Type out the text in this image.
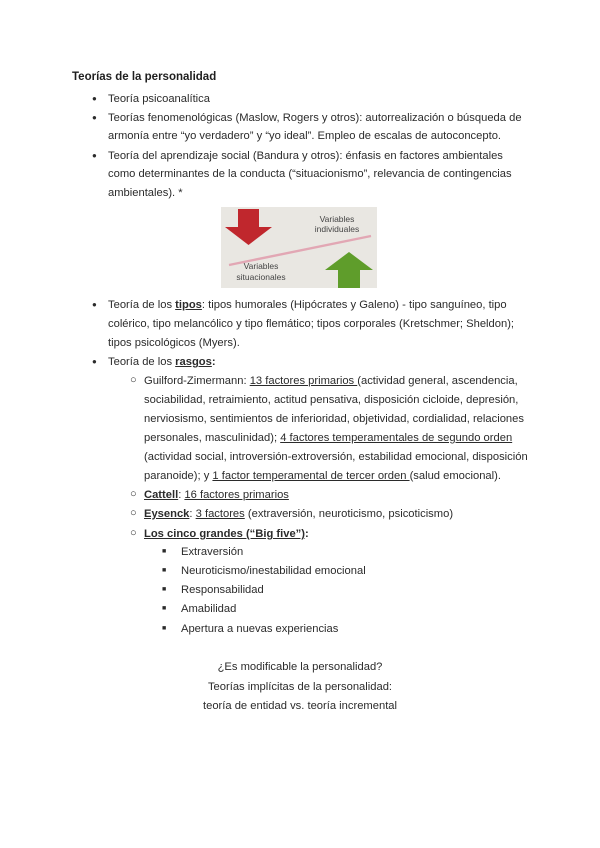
Teorías de la personalidad
● Teoría psicoanalítica
● Teorías fenomenológicas (Maslow, Rogers y otros): autorrealización o búsqueda de
armonía entre “yo verdadero” y “yo ideal”. Empleo de escalas de autoconcepto.
● Teoría del aprendizaje social (Bandura y otros): énfasis en factores ambientales
como determinantes de la conducta (“situacionismo”, relevancia de contingencias
ambientales). *
Variables
individuales
Variables
situacionales
● Teoría de los tipos: tipos humorales (Hipócrates y Galeno) - tipo sanguíneo, tipo
colérico, tipo melancólico y tipo flemático; tipos corporales (Kretschmer; Sheldon);
tipos psicológicos (Myers).
● Teoría de los rasgos:
○ Guilford-Zimermann: 13 factores primarios (actividad general, ascendencia,
sociabilidad, retraimiento, actitud pensativa, disposición cicloide, depresión,
nerviosismo, sentimientos de inferioridad, objetividad, cordialidad, relaciones
personales, masculinidad); 4 factores temperamentales de segundo orden
(actividad social, introversión-extroversión, estabilidad emocional, disposición
paranoide); y 1 factor temperamental de tercer orden (salud emocional).
○ Cattell: 16 factores primarios
○ Eysenck: 3 factores (extraversión, neuroticismo, psicoticismo)
○ Los cinco grandes (“Big five”):
■ Extraversión
■ Neuroticismo/inestabilidad emocional
■ Responsabilidad
■ Amabilidad
■ Apertura a nuevas experiencias
¿Es modificable la personalidad?
Teorías implícitas de la personalidad:
teoría de entidad vs. teoría incremental
